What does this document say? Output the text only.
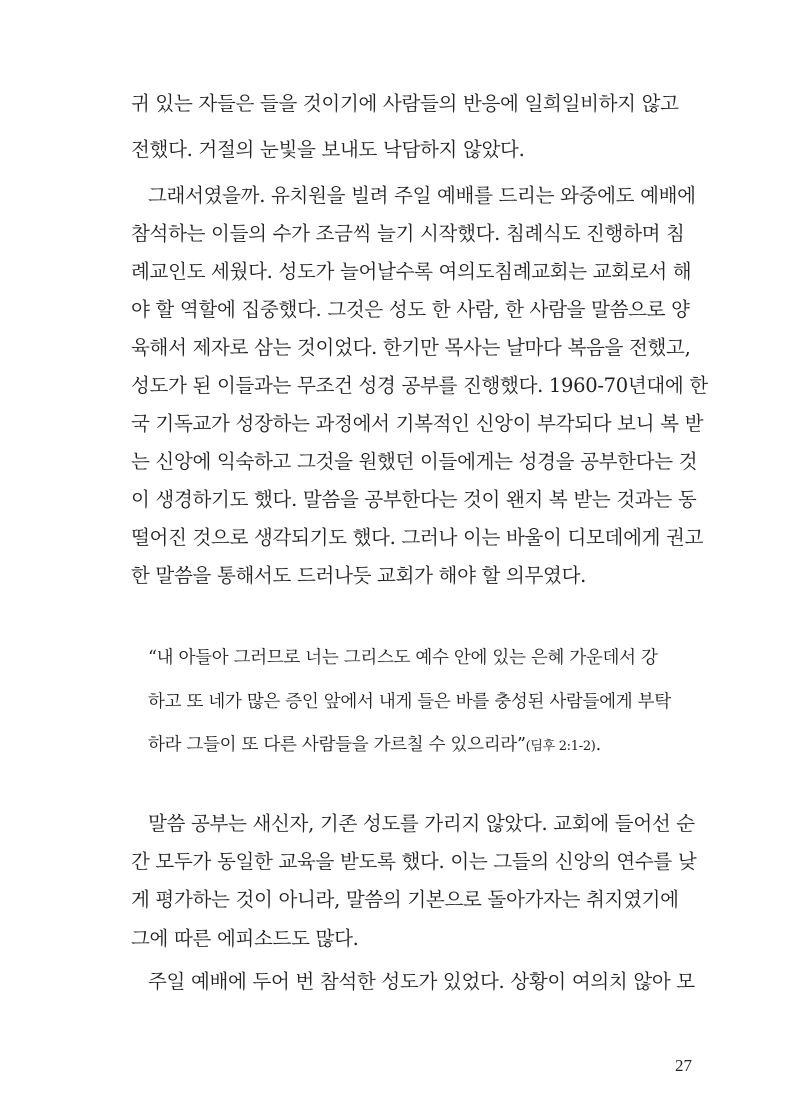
귀 있는 자들은 들을 것이기에 사람들의 반응에 일희일비하지 않고
전했다. 거절의 눈빛을 보내도 낙담하지 않았다.
그래서였을까. 유치원을 빌려 주일 예배를 드리는 와중에도 예배에
참석하는 이들의 수가 조금씩 늘기 시작했다. 침례식도 진행하며 침
례교인도 세웠다. 성도가 늘어날수록 여의도침례교회는 교회로서 해
야 할 역할에 집중했다. 그것은 성도 한 사람, 한 사람을 말씀으로 양
육해서 제자로 삼는 것이었다. 한기만 목사는 날마다 복음을 전했고,
성도가 된 이들과는 무조건 성경 공부를 진행했다. 1960-70년대에 한
국 기독교가 성장하는 과정에서 기복적인 신앙이 부각되다 보니 복 받
는 신앙에 익숙하고 그것을 원했던 이들에게는 성경을 공부한다는 것
이 생경하기도 했다. 말씀을 공부한다는 것이 왠지 복 받는 것과는 동
떨어진 것으로 생각되기도 했다. 그러나 이는 바울이 디모데에게 권고
한 말씀을 통해서도 드러나듯 교회가 해야 할 의무였다.
“내 아들아 그러므로 너는 그리스도 예수 안에 있는 은혜 가운데서 강
하고 또 네가 많은 증인 앞에서 내게 들은 바를 충성된 사람들에게 부탁
하라 그들이 또 다른 사람들을 가르칠 수 있으리라”(딤후 2:1-2).
말씀 공부는 새신자, 기존 성도를 가리지 않았다. 교회에 들어선 순
간 모두가 동일한 교육을 받도록 했다. 이는 그들의 신앙의 연수를 낮
게 평가하는 것이 아니라, 말씀의 기본으로 돌아가자는 취지였기에
그에 따른 에피소드도 많다.
주일 예배에 두어 번 참석한 성도가 있었다. 상황이 여의치 않아 모
27
